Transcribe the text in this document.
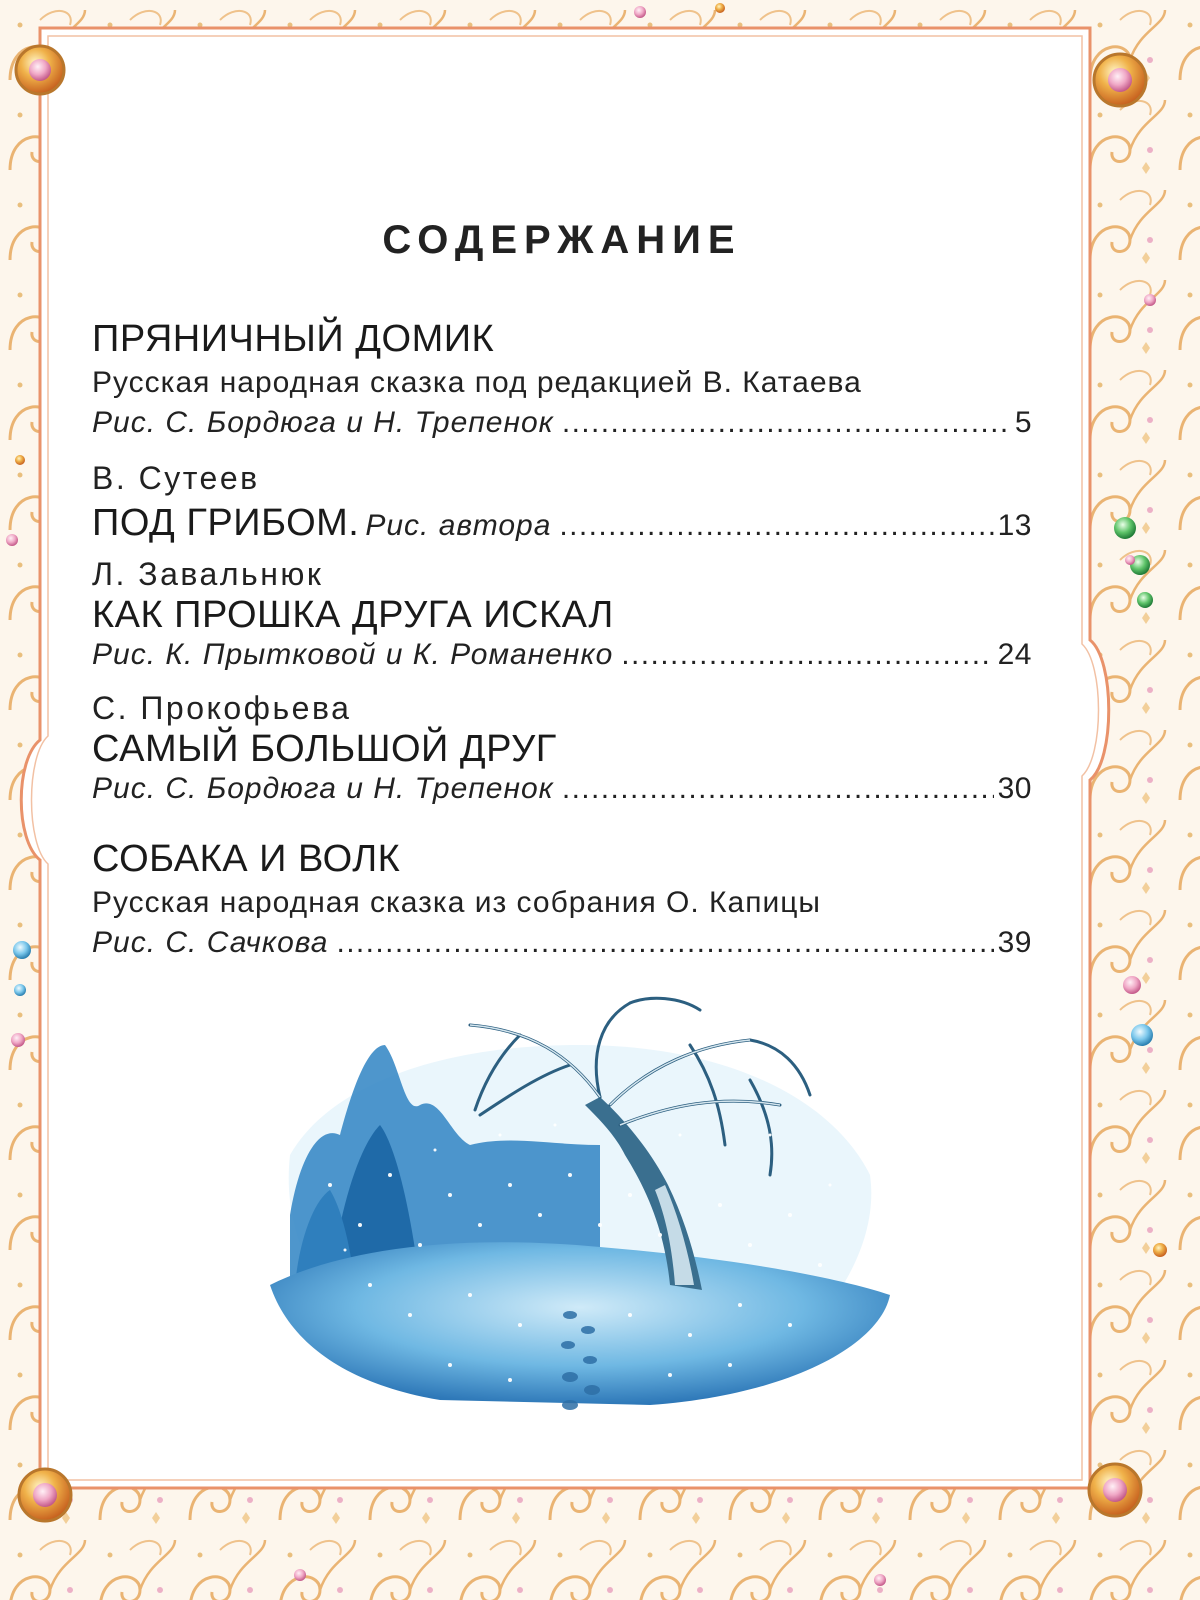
СОДЕРЖАНИЕ
ПРЯНИЧНЫЙ ДОМИК
Русская народная сказка под редакцией В. Катаева
Рис. С. Бордюга и Н. Трепенок .....	5
В. Сутеев
ПОД ГРИБОМ. Рис. автора .....	13
Л. Завальнюк
КАК ПРОШКА ДРУГА ИСКАЛ
Рис. К. Прытковой и К. Романенко .....	24
С. Прокофьева
САМЫЙ БОЛЬШОЙ ДРУГ
Рис. С. Бордюга и Н. Трепенок .....	30
СОБАКА И ВОЛК
Русская народная сказка из собрания О. Капицы
Рис. С. Сачкова .....	39
